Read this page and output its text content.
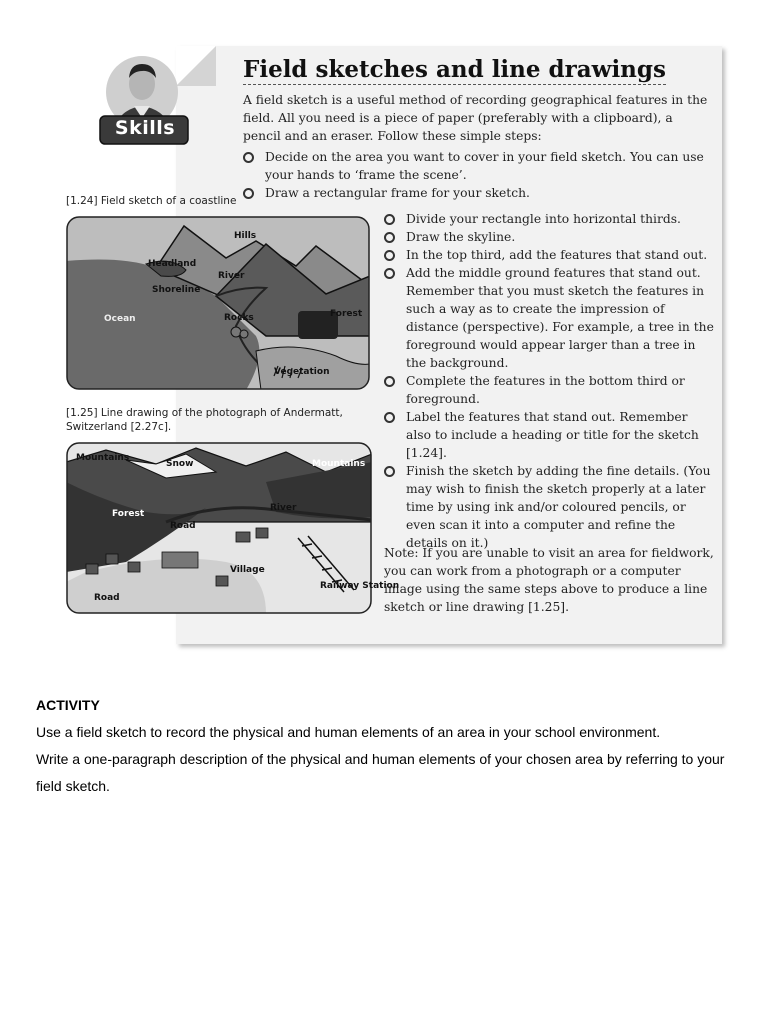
Skills
Field sketches and line drawings

A field sketch is a useful method of recording geographical features in the field. All you need is a piece of paper (preferably with a clipboard), a pencil and an eraser. Follow these simple steps:

Decide on the area you want to cover in your field sketch. You can use your hands to ‘frame the scene’.
Draw a rectangular frame for your sketch.

[1.24] Field sketch of a coastline

Hills
Headland
River
Shoreline
Ocean	Rocks	Forest
Vegetation

[1.25] Line drawing of the photograph of Andermatt, Switzerland [2.27c].

Mountains
Snow	Mountains
Forest
Road
River
Village
Railway Station
Road
Divide your rectangle into horizontal thirds.
Draw the skyline.
In the top third, add the features that stand out.
Add the middle ground features that stand out. Remember that you must sketch the features in such a way as to create the impression of distance (perspective). For example, a tree in the foreground would appear larger than a tree in the background.
Complete the features in the bottom third or foreground.
Label the features that stand out. Remember also to include a heading or title for the sketch [1.24].
Finish the sketch by adding the fine details. (You may wish to finish the sketch properly at a later time by using ink and/or coloured pencils, or even scan it into a computer and refine the details on it.)

Note: If you are unable to visit an area for fieldwork, you can work from a photograph or a computer image using the same steps above to produce a line sketch or line drawing [1.25].

ACTIVITY

Use a field sketch to record the physical and human elements of an area in your school environment.

Write a one-paragraph description of the physical and human elements of your chosen area by referring to your field sketch.
